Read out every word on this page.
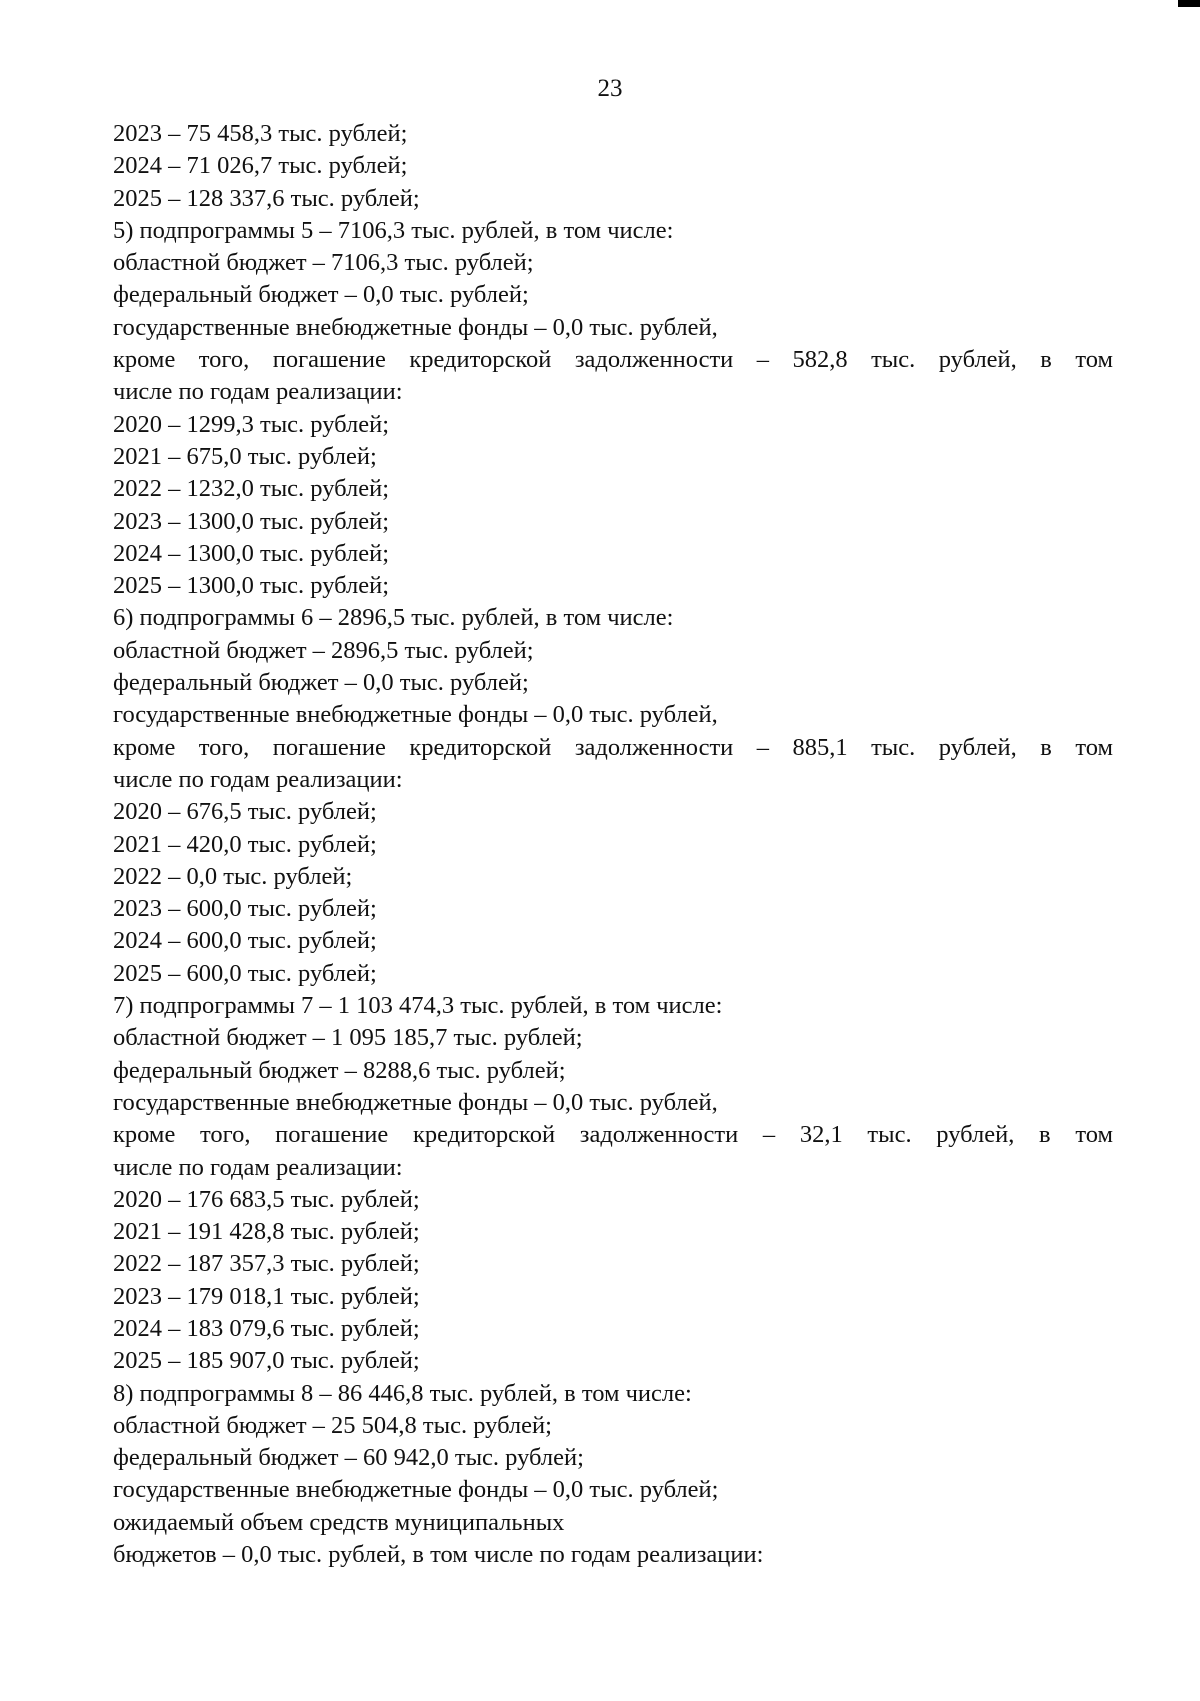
23
2023 – 75 458,3 тыс. рублей;
2024 – 71 026,7 тыс. рублей;
2025 – 128 337,6 тыс. рублей;
5) подпрограммы 5 – 7106,3 тыс. рублей, в том числе:
областной бюджет – 7106,3 тыс. рублей;
федеральный бюджет – 0,0 тыс. рублей;
государственные внебюджетные фонды – 0,0 тыс. рублей,
кроме того, погашение кредиторской задолженности – 582,8 тыс. рублей, в том
числе по годам реализации:
2020 – 1299,3 тыс. рублей;
2021 – 675,0 тыс. рублей;
2022 – 1232,0 тыс. рублей;
2023 – 1300,0 тыс. рублей;
2024 – 1300,0 тыс. рублей;
2025 – 1300,0 тыс. рублей;
6) подпрограммы 6 – 2896,5 тыс. рублей, в том числе:
областной бюджет – 2896,5 тыс. рублей;
федеральный бюджет – 0,0 тыс. рублей;
государственные внебюджетные фонды – 0,0 тыс. рублей,
кроме того, погашение кредиторской задолженности – 885,1 тыс. рублей, в том
числе по годам реализации:
2020 – 676,5 тыс. рублей;
2021 – 420,0 тыс. рублей;
2022 – 0,0 тыс. рублей;
2023 – 600,0 тыс. рублей;
2024 – 600,0 тыс. рублей;
2025 – 600,0 тыс. рублей;
7) подпрограммы 7 – 1 103 474,3 тыс. рублей, в том числе:
областной бюджет – 1 095 185,7 тыс. рублей;
федеральный бюджет – 8288,6 тыс. рублей;
государственные внебюджетные фонды – 0,0 тыс. рублей,
кроме того, погашение кредиторской задолженности – 32,1 тыс. рублей, в том
числе по годам реализации:
2020 – 176 683,5 тыс. рублей;
2021 – 191 428,8 тыс. рублей;
2022 – 187 357,3 тыс. рублей;
2023 – 179 018,1 тыс. рублей;
2024 – 183 079,6 тыс. рублей;
2025 – 185 907,0 тыс. рублей;
8) подпрограммы 8 – 86 446,8 тыс. рублей, в том числе:
областной бюджет – 25 504,8 тыс. рублей;
федеральный бюджет – 60 942,0 тыс. рублей;
государственные внебюджетные фонды – 0,0 тыс. рублей;
ожидаемый объем средств муниципальных
бюджетов – 0,0 тыс. рублей, в том числе по годам реализации:
